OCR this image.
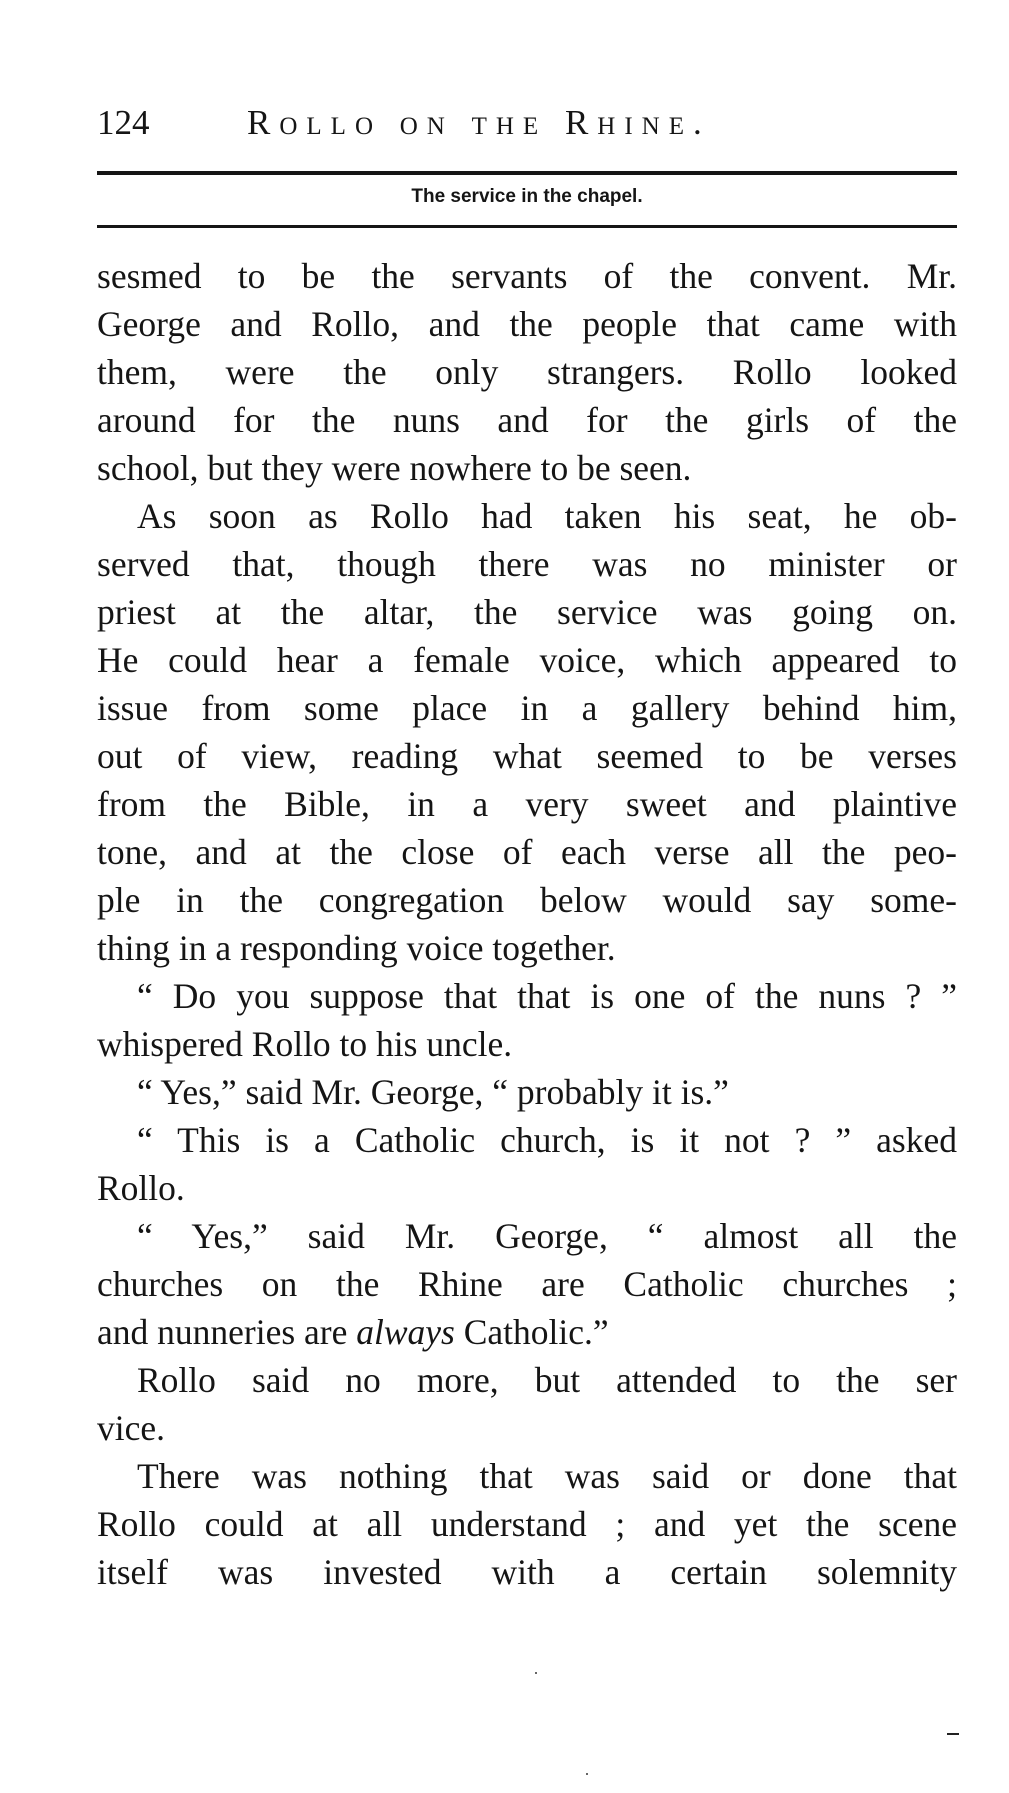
124	Rollo on the Rhine.
The service in the chapel.
sesmed to be the servants of the convent. Mr.
George and Rollo, and the people that came with
them, were the only strangers. Rollo looked
around for the nuns and for the girls of the
school, but they were nowhere to be seen.
As soon as Rollo had taken his seat, he ob-
served that, though there was no minister or
priest at the altar, the service was going on.
He could hear a female voice, which appeared to
issue from some place in a gallery behind him,
out of view, reading what seemed to be verses
from the Bible, in a very sweet and plaintive
tone, and at the close of each verse all the peo-
ple in the congregation below would say some-
thing in a responding voice together.
“ Do you suppose that that is one of the nuns ? ”
whispered Rollo to his uncle.
“ Yes,” said Mr. George, “ probably it is.”
“ This is a Catholic church, is it not ? ” asked
Rollo.
“ Yes,” said Mr. George, “ almost all the
churches on the Rhine are Catholic churches ;
and nunneries are always Catholic.”
Rollo said no more, but attended to the ser
vice.
There was nothing that was said or done that
Rollo could at all understand ; and yet the scene
itself was invested with a certain solemnity
